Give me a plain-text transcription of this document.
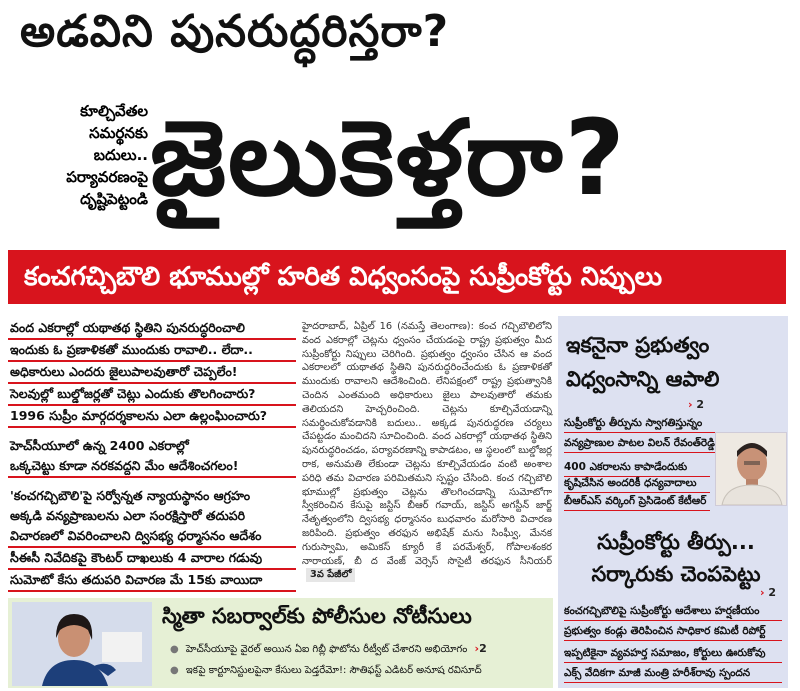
అడవిని పునరుద్ధరిస్తరా?
కూల్చివేతల
సమర్థనకు
బదులు..
పర్యావరణంపై
దృష్టిపెట్టండి జైలుకెళ్తరా?
కంచగచ్చిబౌలి భూముల్లో హరిత విధ్వంసంపై సుప్రీంకోర్టు నిప్పులు
వంద ఎకరాల్లో యథాతథ స్థితిని పునరుద్ధరించాలి
ఇందుకు ఓ ప్రణాళికతో ముందుకు రావాలి.. లేదా..
అధికారులు ఎందరు జైలుపాలవుతారో చెప్పలేం!
సెలవుల్లో బుల్డోజర్లతో చెట్లు ఎందుకు తొలగించారు?
1996 సుప్రీం మార్గదర్శకాలను ఎలా ఉల్లంఘించారు?
హెచ్‌సీయూలో ఉన్న 2400 ఎకరాల్లో
ఒక్కచెట్టు కూడా నరకవద్దని మేం ఆదేశించగలం!
'కంచగచ్చిబౌలి'పై సర్వోన్నత న్యాయస్థానం ఆగ్రహం
అక్కడి వన్యప్రాణులను ఎలా సంరక్షిస్తారో తదుపరి
విచారణలో వివరించాలని ద్విసభ్య ధర్మాసనం ఆదేశం
సీఈసీ నివేదికపై కౌంటర్ దాఖలుకు 4 వారాల గడువు
సుమోటో కేసు తదుపరి విచారణ మే 15కు వాయిదా
హైదరాబాద్, ఏప్రిల్ 16 (నమస్తే తెలంగాణ): కంచ గచ్చిబౌలిలోని వంద ఎకరాల్లో చెట్లను ధ్వంసం చేయడంపై రాష్ట్ర ప్రభుత్వం మీద సుప్రీంకోర్టు నిప్పులు చెరిగింది. ప్రభుత్వం ధ్వంసం చేసిన ఆ వంద ఎకరాలలో యథాతథ స్థితిని పునరుద్ధరించేందుకు ఓ ప్రణాళికతో ముందుకు రావాలని ఆదేశించింది. లేనిపక్షంలో రాష్ట్ర ప్రభుత్వానికి చెందిన ఎంతమంది అధికారులు జైలు పాలవుతారో తమకు తెలియదని హెచ్చరించింది. చెట్లను కూల్చివేయడాన్ని సమర్థించుకోవడానికి బదులు.. అక్కడ పునరుద్ధరణ చర్యలు చేపట్టడం మంచిదని సూచించింది. వంద ఎకరాల్లో యథాతథ స్థితిని పునరుద్ధరించడం, పర్యావరణాన్ని కాపాడటం, ఆ స్థలంలో బుల్డోజర్ల రాక, అనుమతి లేకుండా చెట్లను కూల్చివేయడం వంటి అంశాల పరిధి తమ విచారణ పరిమితమని స్పష్టం చేసింది. కంచ గచ్చిబౌలి భూముల్లో ప్రభుత్వం చెట్లను తొలగించడాన్ని సుమోటోగా స్వీకరించిన కేసుపై జస్టిస్ బీఆర్ గవాయ్, జస్టిస్ అగస్టీన్ జార్జ్ నేతృత్వంలోని ద్విసభ్య ధర్మాసనం బుధవారం మరోసారి విచారణ జరిపింది. ప్రభుత్వం తరఫున అభిషేక్ మను సింఘ్వీ, మేనక గురుస్వామి, అమికస్ క్యూరీ కే పరమేశ్వర్, గోపాలశంకర నారాయణ్, బీ ద వేంజ్ వెర్సెస్ సొసైటీ తరఫున సీనియర్ 3వ పేజీలో
ఇకనైనా ప్రభుత్వం
విధ్వంసాన్ని ఆపాలి
› 2
సుప్రీంకోర్టు తీర్పును స్వాగతిస్తున్నం
వన్యప్రాణుల పాటల విలన్ రేవంత్‌రెడ్డి
400 ఎకరాలను కాపాడేందుకు
కృషిచేసిన అందరికీ ధన్యవాదాలు
బీఆర్‌ఎస్ వర్కింగ్ ప్రెసిడెంట్ కేటీఆర్
సుప్రీంకోర్టు తీర్పు...
సర్కారుకు చెంపపెట్టు
› 2
కంచగచ్చిబౌలిపై సుప్రీంకోర్టు ఆదేశాలు హర్షణీయం
ప్రభుత్వం కండ్లు తెరిపించిన సాధికార కమిటీ రిపోర్ట్
ఇప్పటికైనా వ్యవహర్త సమాజం, కోర్టులు ఊరుకోవు
ఎక్స్ వేదికగా మాజీ మంత్రి హరీశ్‌రావు స్పందన
స్మితా సబర్వాల్‌కు పోలీసుల నోటీసులు
● హెచ్‌సీయూపై వైరల్ అయిన ఏఐ గిబ్లీ ఫొటోను రీట్వీట్ చేశారని అభియోగం ›2
● ఇకపై కార్టూనిస్టులపైనా కేసులు పెడ్తరేమో!: సౌతిఫస్ట్ ఎడిటర్ అనూష రవిసూద్
